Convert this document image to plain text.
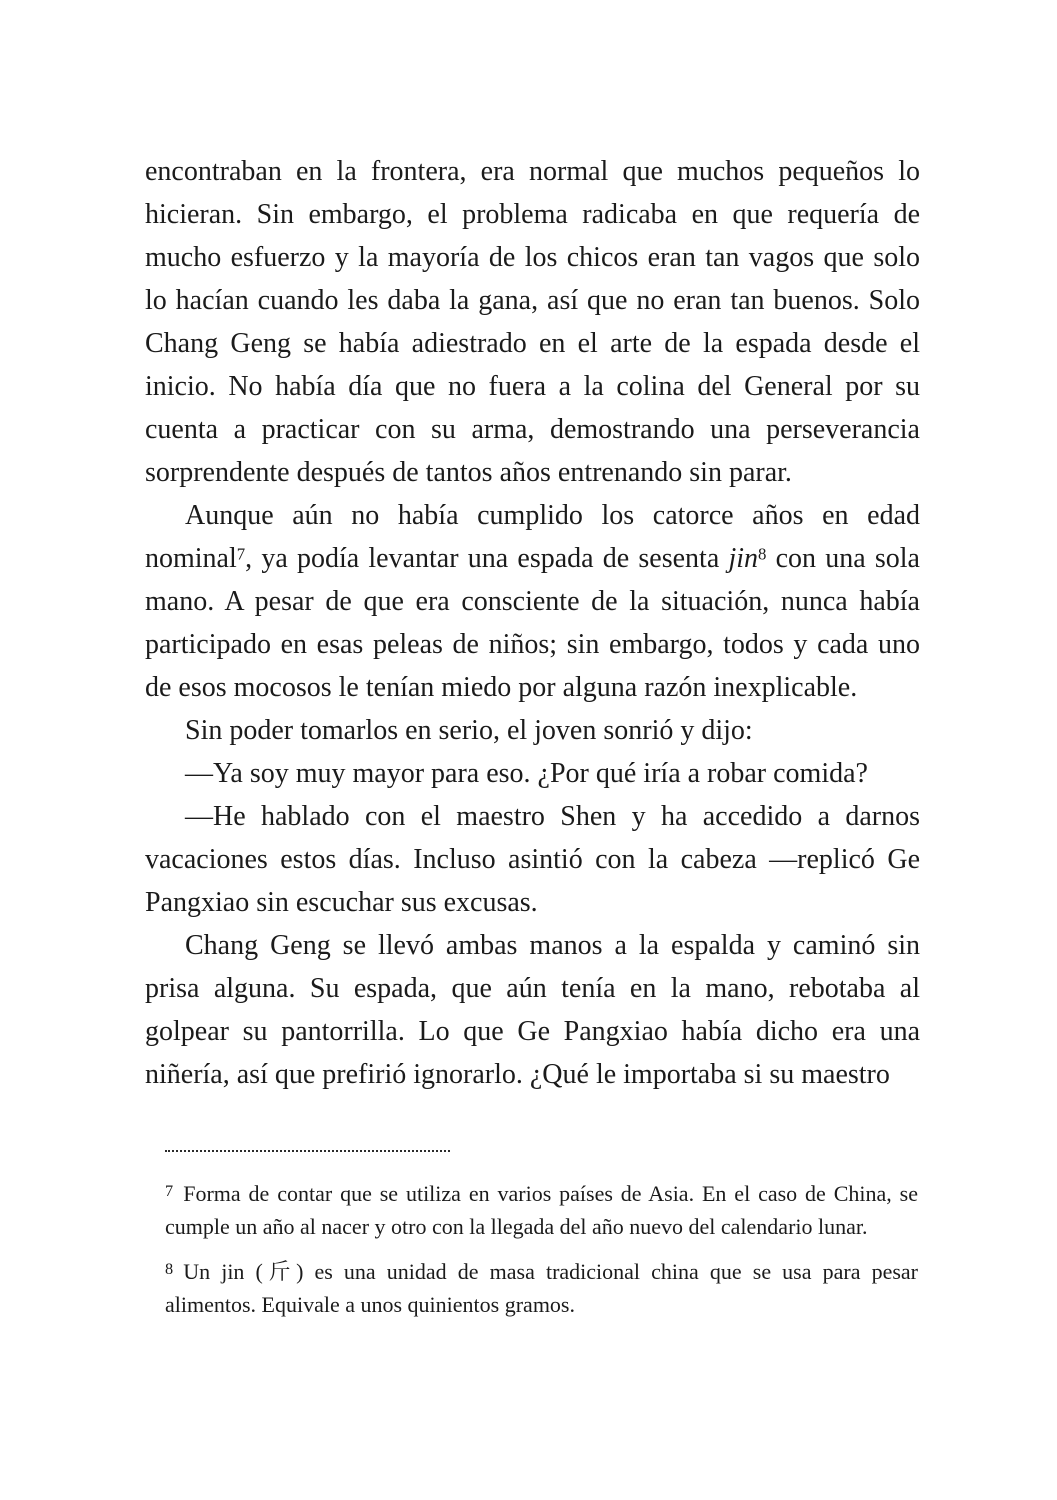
encontraban en la frontera, era normal que muchos pequeños lo hicieran. Sin embargo, el problema radicaba en que requería de mucho esfuerzo y la mayoría de los chicos eran tan vagos que solo lo hacían cuando les daba la gana, así que no eran tan buenos. Solo Chang Geng se había adiestrado en el arte de la espada desde el inicio. No había día que no fuera a la colina del General por su cuenta a practicar con su arma, demostrando una perseverancia sorprendente después de tantos años entrenando sin parar.

Aunque aún no había cumplido los catorce años en edad nominal$^7$, ya podía levantar una espada de sesenta jin$^8$ con una sola mano. A pesar de que era consciente de la situación, nunca había participado en esas peleas de niños; sin embargo, todos y cada uno de esos mocosos le tenían miedo por alguna razón inexplicable.

Sin poder tomarlos en serio, el joven sonrió y dijo:

—Ya soy muy mayor para eso. ¿Por qué iría a robar comida?

—He hablado con el maestro Shen y ha accedido a darnos vacaciones estos días. Incluso asintió con la cabeza —replicó Ge Pangxiao sin escuchar sus excusas.

Chang Geng se llevó ambas manos a la espalda y caminó sin prisa alguna. Su espada, que aún tenía en la mano, rebotaba al golpear su pantorrilla. Lo que Ge Pangxiao había dicho era una niñería, así que prefirió ignorarlo. ¿Qué le importaba si su maestro

$^7$ Forma de contar que se utiliza en varios países de Asia. En el caso de China, se cumple un año al nacer y otro con la llegada del año nuevo del calendario lunar.

$^8$ Un jin (斤) es una unidad de masa tradicional china que se usa para pesar alimentos. Equivale a unos quinientos gramos.
